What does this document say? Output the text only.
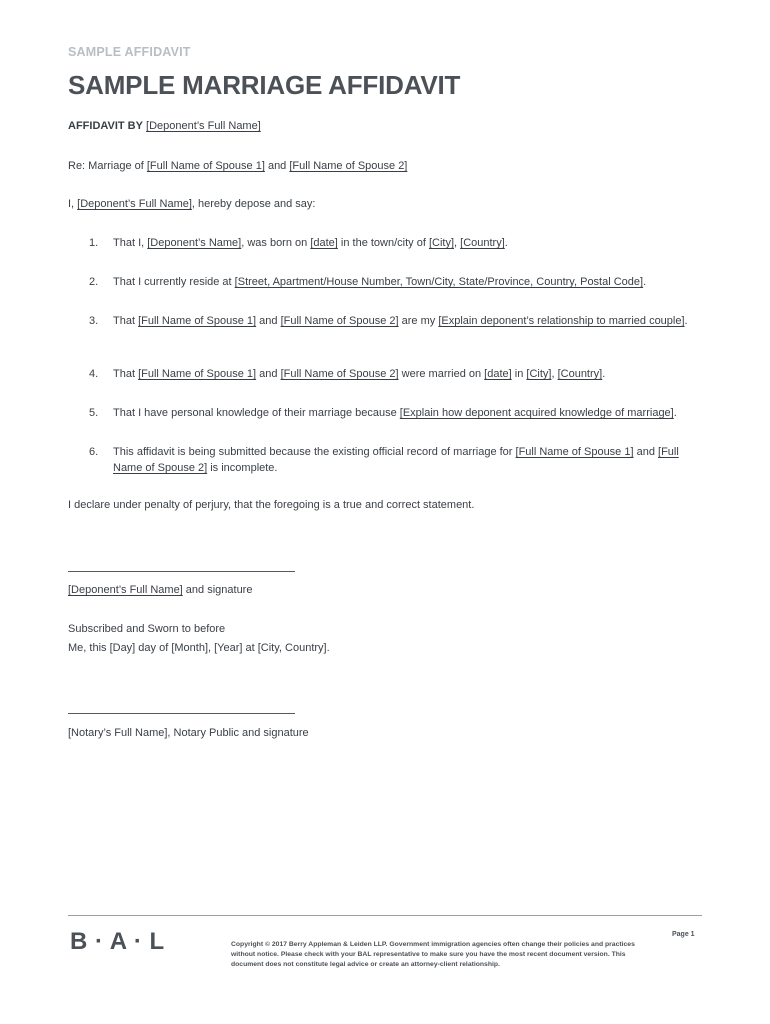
SAMPLE AFFIDAVIT
SAMPLE MARRIAGE AFFIDAVIT
AFFIDAVIT BY [Deponent’s Full Name]
Re: Marriage of [Full Name of Spouse 1] and [Full Name of Spouse 2]
I, [Deponent’s Full Name], hereby depose and say:
1. That I, [Deponent’s Name], was born on [date] in the town/city of [City], [Country].
2. That I currently reside at [Street, Apartment/House Number, Town/City, State/Province, Country, Postal Code].
3. That [Full Name of Spouse 1] and [Full Name of Spouse 2] are my [Explain deponent’s relationship to married couple].
4. That [Full Name of Spouse 1] and [Full Name of Spouse 2] were married on [date] in [City], [Country].
5. That I have personal knowledge of their marriage because [Explain how deponent acquired knowledge of marriage].
6. This affidavit is being submitted because the existing official record of marriage for [Full Name of Spouse 1] and [Full Name of Spouse 2] is incomplete.
I declare under penalty of perjury, that the foregoing is a true and correct statement.
[Deponent’s Full Name] and signature
Subscribed and Sworn to before
Me, this [Day] day of [Month], [Year] at [City, Country].
[Notary’s Full Name], Notary Public and signature
B · A · L	Copyright © 2017 Berry Appleman & Leiden LLP. Government immigration agencies often change their policies and practices without notice. Please check with your BAL representative to make sure you have the most recent document version. This document does not constitute legal advice or create an attorney-client relationship.
Page 1
